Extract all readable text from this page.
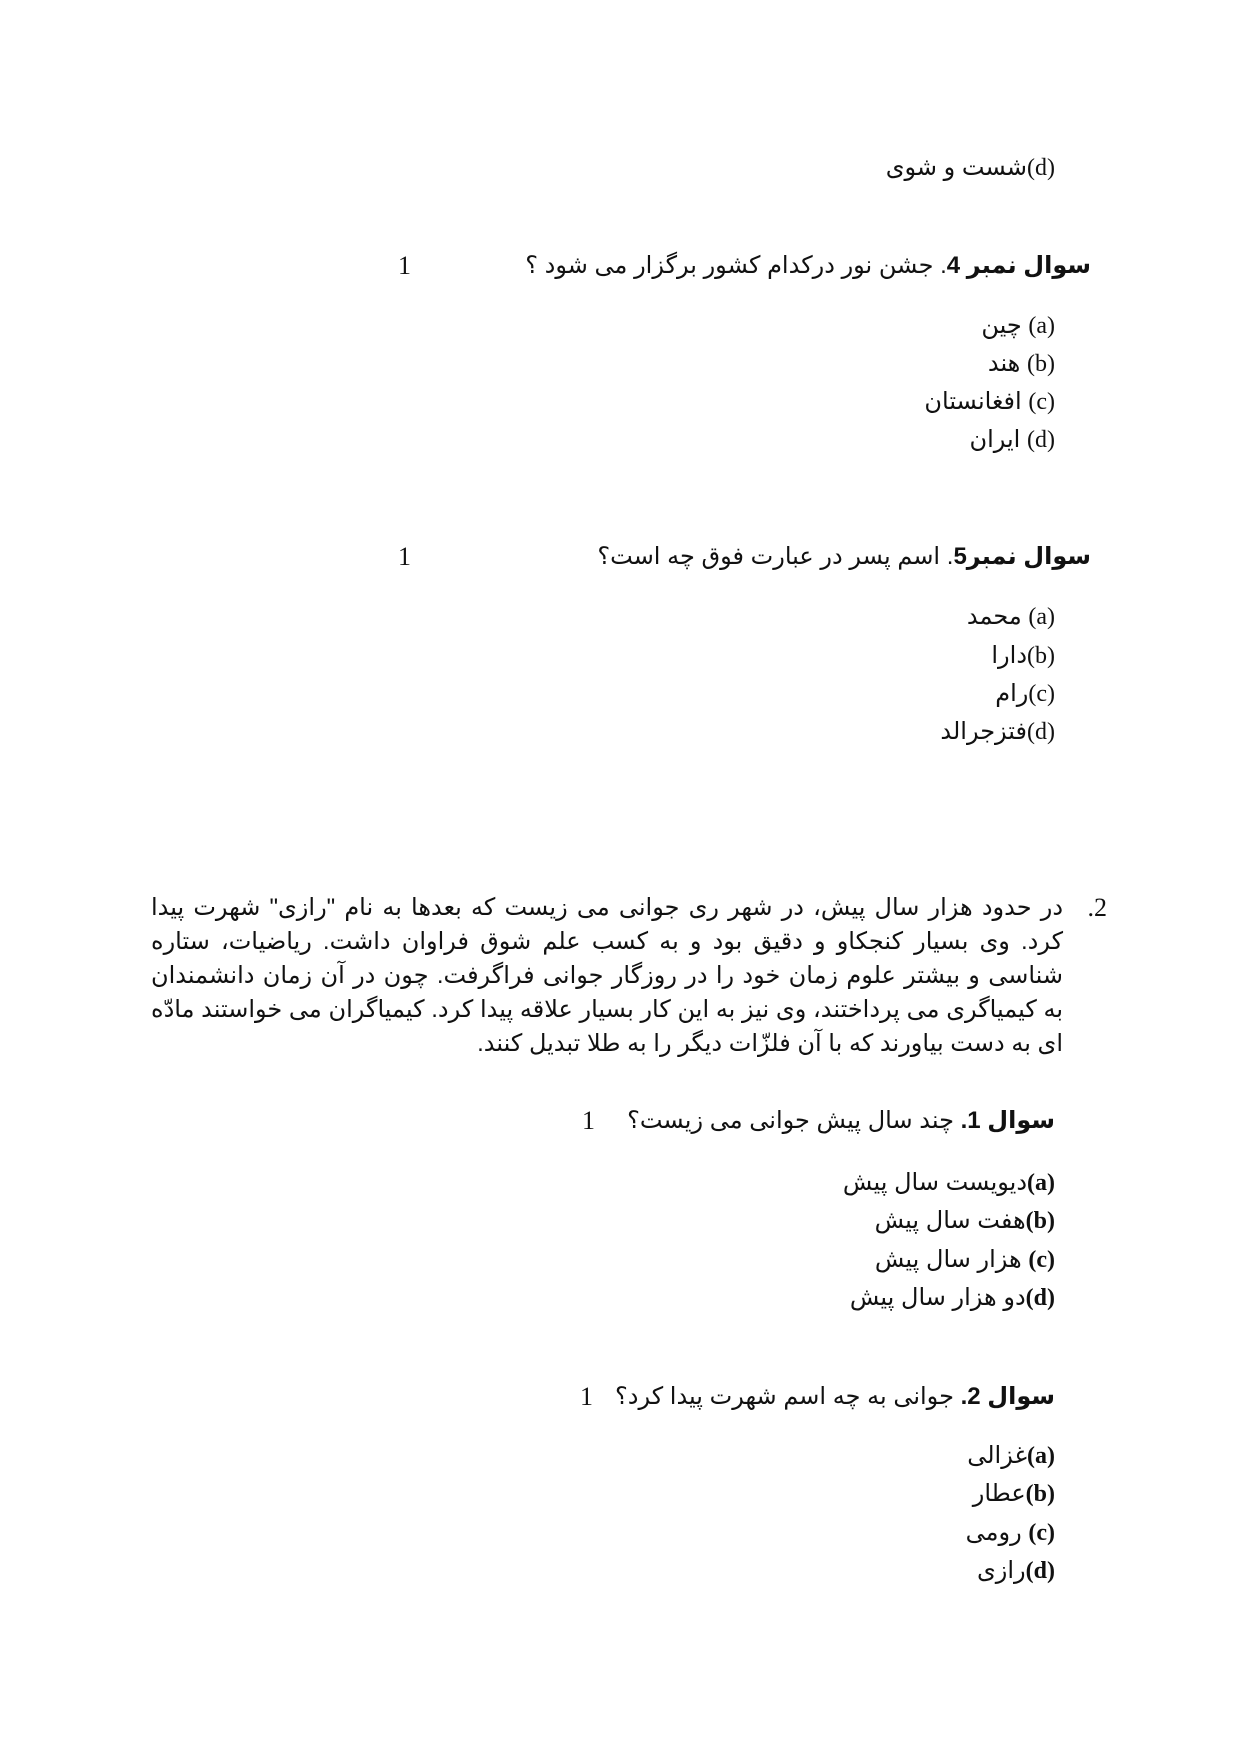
(d)شست و شوی
سوال نمبر 4. جشن نور درکدام کشور برگزار می شود ؟
1
(a) چین
(b) هند
(c) افغانستان
(d) ایران
سوال نمبر5. اسم پسر در عبارت فوق چه است؟
1
(a) محمد
(b)دارا
(c)رام
(d)فتزجرالد
.2
در حدود هزار سال پیش، در شهر ری جوانی می زیست که بعدها به نام "رازی" شهرت پیدا کرد. وی بسیار کنجکاو و دقیق بود و به کسب علم شوق فراوان داشت. ریاضیات، ستاره شناسی و بیشتر علوم زمان خود را در روزگار جوانی فراگرفت. چون در آن زمان دانشمندان به کیمیاگری می پرداختند، وی نیز به این کار بسیار علاقه پیدا کرد. کیمیاگران می خواستند مادّه ای به دست بیاورند که با آن فلزّات دیگر را به طلا تبدیل کنند.
سوال 1. چند سال پیش جوانی می زیست؟
1
(a)دیویست سال پیش
(b)هفت سال پیش
(c) هزار سال پیش
(d)دو هزار سال پیش
سوال 2. جوانی به چه اسم شهرت پیدا کرد؟
1
(a)غزالی
(b)عطار
(c) رومی
(d)رازی
